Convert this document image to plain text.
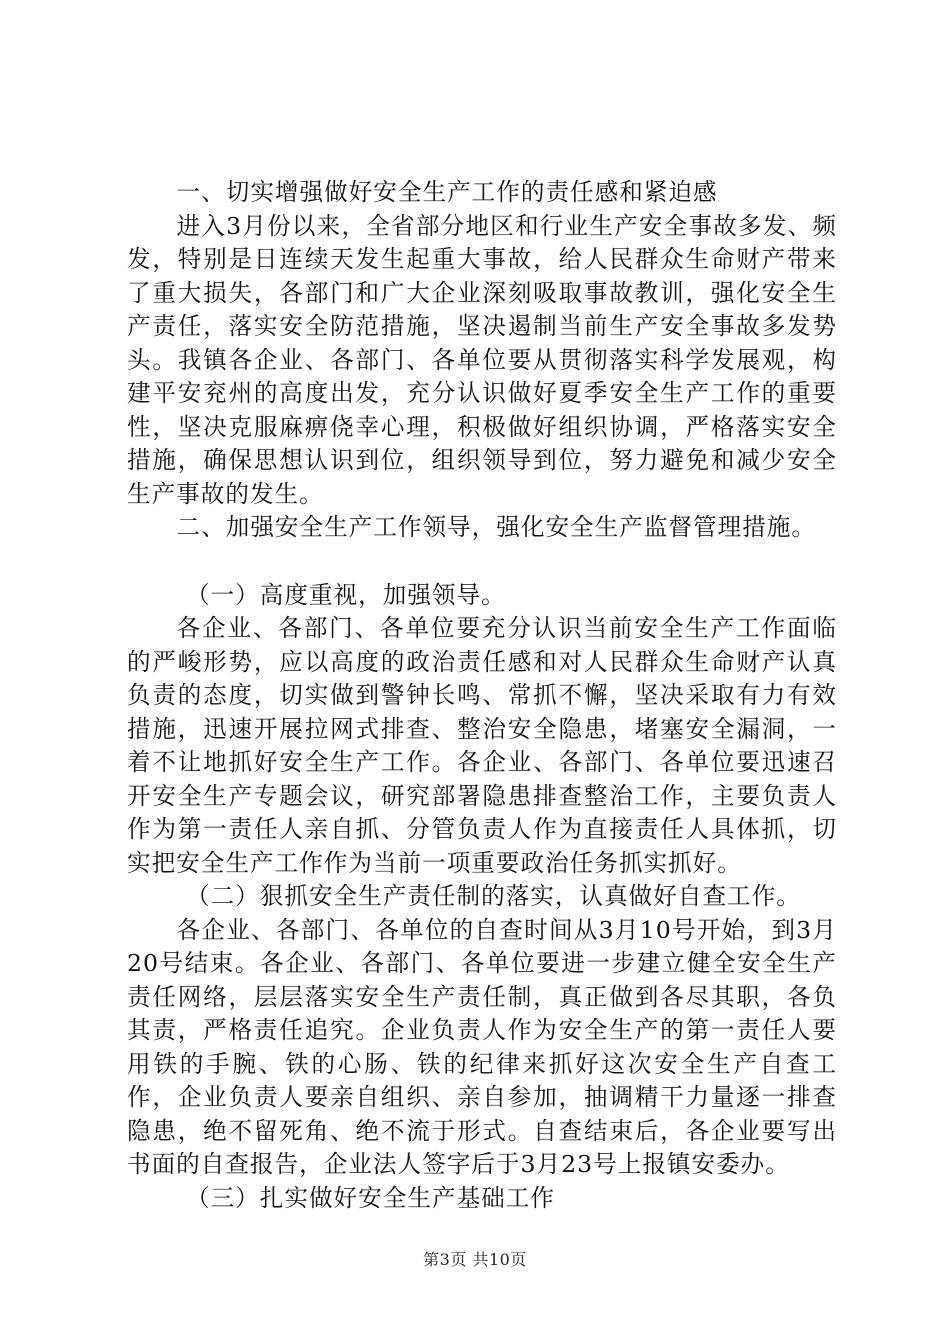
一、切实增强做好安全生产工作的责任感和紧迫感

进入3月份以来，全省部分地区和行业生产安全事故多发、频发，特别是日连续天发生起重大事故，给人民群众生命财产带来了重大损失，各部门和广大企业深刻吸取事故教训，强化安全生产责任，落实安全防范措施，坚决遏制当前生产安全事故多发势头。我镇各企业、各部门、各单位要从贯彻落实科学发展观，构建平安兖州的高度出发，充分认识做好夏季安全生产工作的重要性，坚决克服麻痹侥幸心理，积极做好组织协调，严格落实安全措施，确保思想认识到位，组织领导到位，努力避免和减少安全生产事故的发生。

二、加强安全生产工作领导，强化安全生产监督管理措施。

（一）高度重视，加强领导。

各企业、各部门、各单位要充分认识当前安全生产工作面临的严峻形势，应以高度的政治责任感和对人民群众生命财产认真负责的态度，切实做到警钟长鸣、常抓不懈，坚决采取有力有效措施，迅速开展拉网式排查、整治安全隐患，堵塞安全漏洞，一着不让地抓好安全生产工作。各企业、各部门、各单位要迅速召开安全生产专题会议，研究部署隐患排查整治工作，主要负责人作为第一责任人亲自抓、分管负责人作为直接责任人具体抓，切实把安全生产工作作为当前一项重要政治任务抓实抓好。

（二）狠抓安全生产责任制的落实，认真做好自查工作。

各企业、各部门、各单位的自查时间从3月10号开始，到3月20号结束。各企业、各部门、各单位要进一步建立健全安全生产责任网络，层层落实安全生产责任制，真正做到各尽其职，各负其责，严格责任追究。企业负责人作为安全生产的第一责任人要用铁的手腕、铁的心肠、铁的纪律来抓好这次安全生产自查工作，企业负责人要亲自组织、亲自参加，抽调精干力量逐一排查隐患，绝不留死角、绝不流于形式。自查结束后，各企业要写出书面的自查报告，企业法人签字后于3月23号上报镇安委办。

（三）扎实做好安全生产基础工作

第3页 共10页
